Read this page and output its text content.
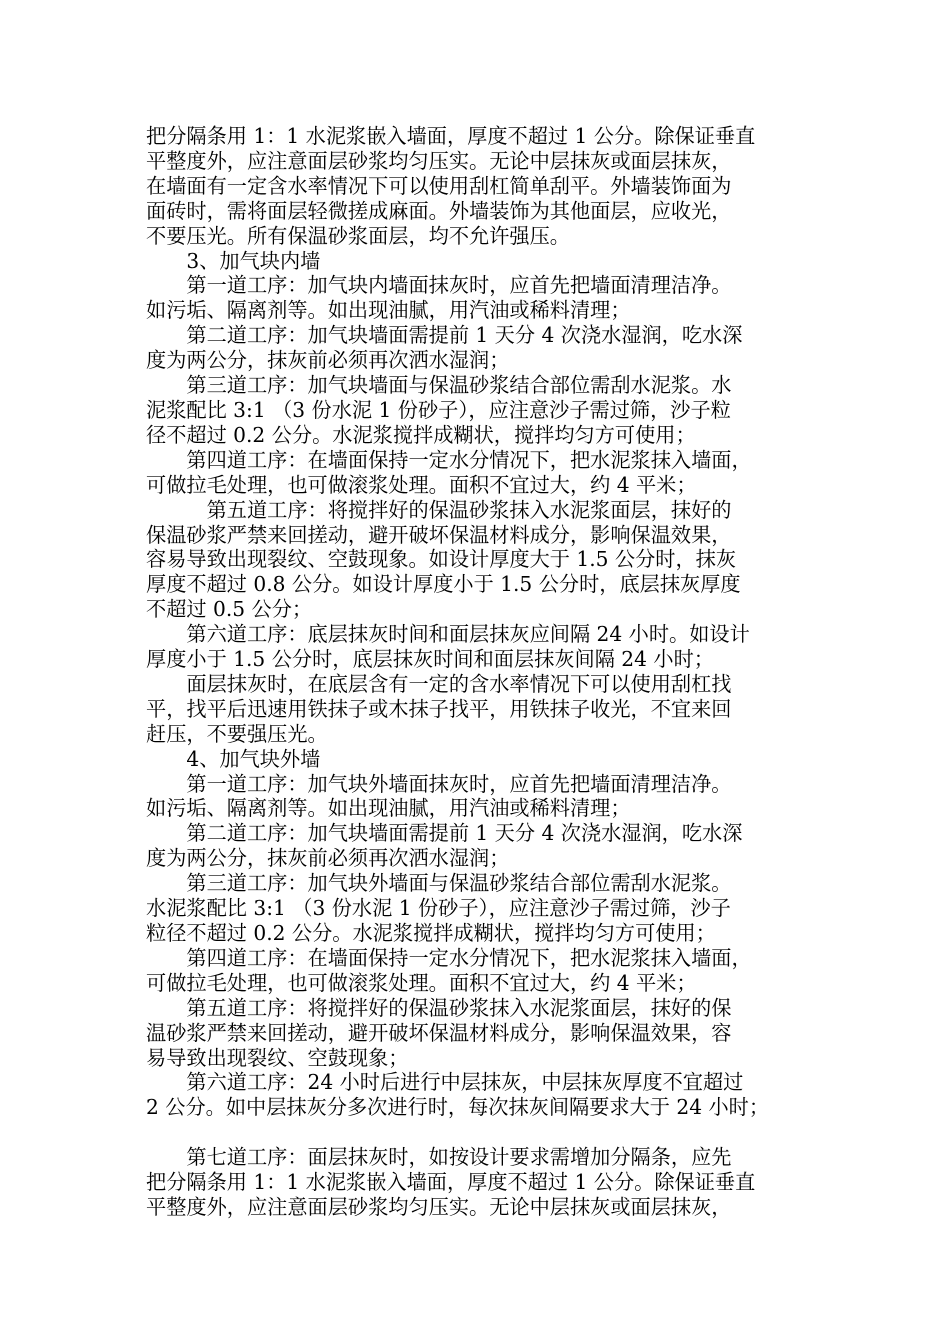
把分隔条用 1：1 水泥浆嵌入墙面，厚度不超过 1 公分。除保证垂直

平整度外，应注意面层砂浆均匀压实。无论中层抹灰或面层抹灰，

在墙面有一定含水率情况下可以使用刮杠简单刮平。外墙装饰面为

面砖时，需将面层轻微搓成麻面。外墙装饰为其他面层，应收光，

不要压光。所有保温砂浆面层，均不允许强压。

　　3、加气块内墙

　　第一道工序：加气块内墙面抹灰时，应首先把墙面清理洁净。

如污垢、隔离剂等。如出现油腻，用汽油或稀料清理；

　　第二道工序：加气块墙面需提前 1 天分 4 次浇水湿润，吃水深

度为两公分，抹灰前必须再次洒水湿润；

　　第三道工序：加气块墙面与保温砂浆结合部位需刮水泥浆。水

泥浆配比 3:1 （3 份水泥 1 份砂子），应注意沙子需过筛，沙子粒

径不超过 0.2 公分。水泥浆搅拌成糊状，搅拌均匀方可使用；

　　第四道工序：在墙面保持一定水分情况下，把水泥浆抹入墙面，

可做拉毛处理，也可做滚浆处理。面积不宜过大，约 4 平米；

　　　第五道工序：将搅拌好的保温砂浆抹入水泥浆面层，抹好的

保温砂浆严禁来回搓动，避开破坏保温材料成分，影响保温效果，

容易导致出现裂纹、空鼓现象。如设计厚度大于 1.5 公分时，抹灰

厚度不超过 0.8 公分。如设计厚度小于 1.5 公分时，底层抹灰厚度

不超过 0.5 公分；

　　第六道工序：底层抹灰时间和面层抹灰应间隔 24 小时。如设计

厚度小于 1.5 公分时，底层抹灰时间和面层抹灰间隔 24 小时；

　　面层抹灰时，在底层含有一定的含水率情况下可以使用刮杠找

平，找平后迅速用铁抹子或木抹子找平，用铁抹子收光，不宜来回

赶压，不要强压光。

　　4、加气块外墙

　　第一道工序：加气块外墙面抹灰时，应首先把墙面清理洁净。

如污垢、隔离剂等。如出现油腻，用汽油或稀料清理；

　　第二道工序：加气块墙面需提前 1 天分 4 次浇水湿润，吃水深

度为两公分，抹灰前必须再次洒水湿润；

　　第三道工序：加气块外墙面与保温砂浆结合部位需刮水泥浆。

水泥浆配比 3:1 （3 份水泥 1 份砂子），应注意沙子需过筛，沙子

粒径不超过 0.2 公分。水泥浆搅拌成糊状，搅拌均匀方可使用；

　　第四道工序：在墙面保持一定水分情况下，把水泥浆抹入墙面，

可做拉毛处理，也可做滚浆处理。面积不宜过大，约 4 平米；

　　第五道工序：将搅拌好的保温砂浆抹入水泥浆面层，抹好的保

温砂浆严禁来回搓动，避开破坏保温材料成分，影响保温效果，容

易导致出现裂纹、空鼓现象；

　　第六道工序：24 小时后进行中层抹灰，中层抹灰厚度不宜超过

2 公分。如中层抹灰分多次进行时，每次抹灰间隔要求大于 24 小时；

　　第七道工序：面层抹灰时，如按设计要求需增加分隔条，应先

把分隔条用 1：1 水泥浆嵌入墙面，厚度不超过 1 公分。除保证垂直

平整度外，应注意面层砂浆均匀压实。无论中层抹灰或面层抹灰，
